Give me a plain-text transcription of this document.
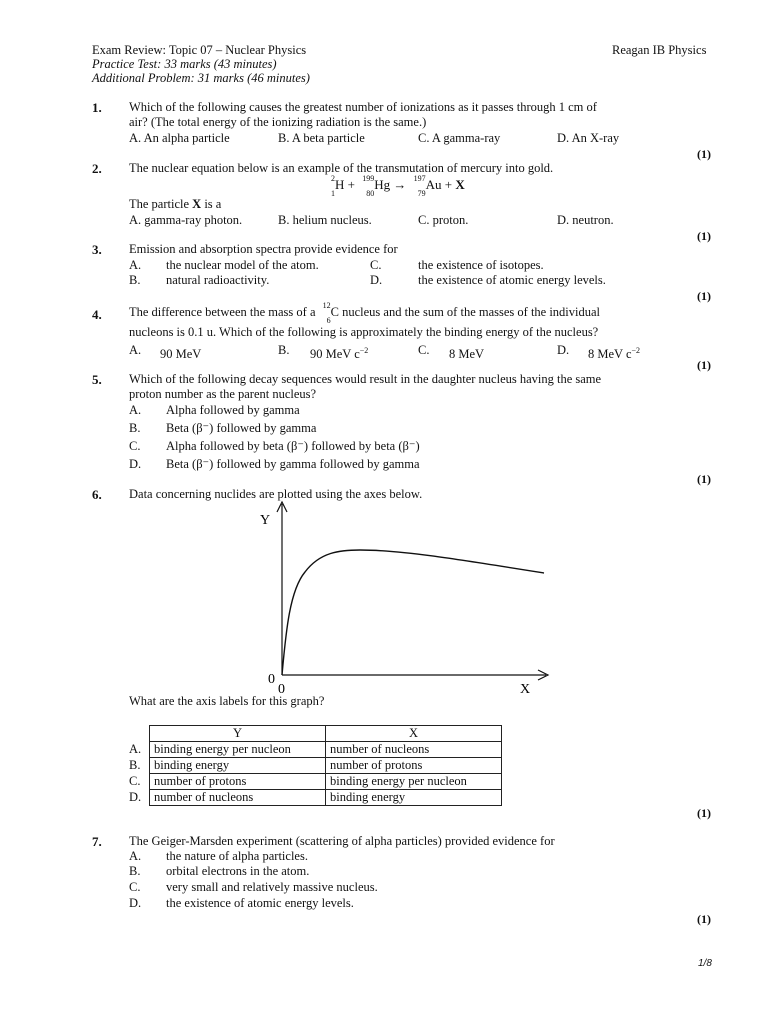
Exam Review: Topic 07 – Nuclear Physics	Reagan IB Physics
Practice Test: 33 marks (43 minutes)
Additional Problem: 31 marks (46 minutes)
1. Which of the following causes the greatest number of ionizations as it passes through 1 cm of
air? (The total energy of the ionizing radiation is the same.)
A. An alpha particle	B. A beta particle	C. A gamma-ray	D. An X-ray
(1)
2. The nuclear equation below is an example of the transmutation of mercury into gold.
2
1
H + 199
80
Hg → 197
79
Au + X
The particle X is a
A. gamma-ray photon.	B. helium nucleus.	C. proton.	D. neutron.
(1)
3. Emission and absorption spectra provide evidence for
A. the nuclear model of the atom.	C.	the existence of isotopes.
B. natural radioactivity.	D.	the existence of atomic energy levels.
(1)
4. The difference between the mass of a 12
6
C nucleus and the sum of the masses of the individual
nucleons is 0.1 u. Which of the following is approximately the binding energy of the nucleus?
A. 90 MeV	B. 90 MeV $c^{-2}$	C. 8 MeV	D. 8 MeV $c^{-2}$
(1)
5. Which of the following decay sequences would result in the daughter nucleus having the same
proton number as the parent nucleus?
A. Alpha followed by gamma
B. Beta (β⁻) followed by gamma
C. Alpha followed by beta (β⁻) followed by beta (β⁻)
D. Beta (β⁻) followed by gamma followed by gamma
(1)
6. Data concerning nuclides are plotted using the axes below.
Y
0
0	X
What are the axis labels for this graph?
	Y	X
A.	binding energy per nucleon	number of nucleons
B.	binding energy	number of protons
C.	number of protons	binding energy per nucleon
D.	number of nucleons	binding energy
(1)
7. The Geiger-Marsden experiment (scattering of alpha particles) provided evidence for
A. the nature of alpha particles.
B. orbital electrons in the atom.
C. very small and relatively massive nucleus.
D. the existence of atomic energy levels.
(1)
1/8
